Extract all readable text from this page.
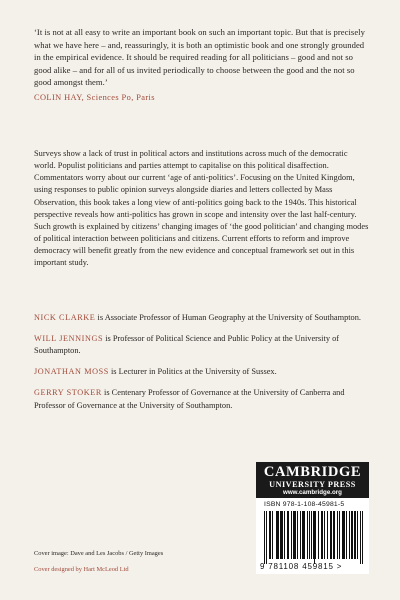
‘It is not at all easy to write an important book on such an important topic. But that is precisely what we have here – and, reassuringly, it is both an optimistic book and one strongly grounded in the empirical evidence. It should be required reading for all politicians – good and not so good alike – and for all of us invited periodically to choose between the good and the not so good amongst them.’
COLIN HAY, Sciences Po, Paris
Surveys show a lack of trust in political actors and institutions across much of the democratic world. Populist politicians and parties attempt to capitalise on this political disaffection. Commentators worry about our current ‘age of anti-politics’. Focusing on the United Kingdom, using responses to public opinion surveys alongside diaries and letters collected by Mass Observation, this book takes a long view of anti-politics going back to the 1940s. This historical perspective reveals how anti-politics has grown in scope and intensity over the last half-century. Such growth is explained by citizens’ changing images of ‘the good politician’ and changing modes of political interaction between politicians and citizens. Current efforts to reform and improve democracy will benefit greatly from the new evidence and conceptual framework set out in this important study.
NICK CLARKE is Associate Professor of Human Geography at the University of Southampton.
WILL JENNINGS is Professor of Political Science and Public Policy at the University of Southampton.
JONATHAN MOSS is Lecturer in Politics at the University of Sussex.
GERRY STOKER is Centenary Professor of Governance at the University of Canberra and Professor of Governance at the University of Southampton.
Cover image: Dave and Les Jacobs / Getty Images
Cover designed by Hart McLeod Ltd
CAMBRIDGE
UNIVERSITY PRESS
www.cambridge.org
ISBN 978-1-108-45981-5
9 781108 459815 >
